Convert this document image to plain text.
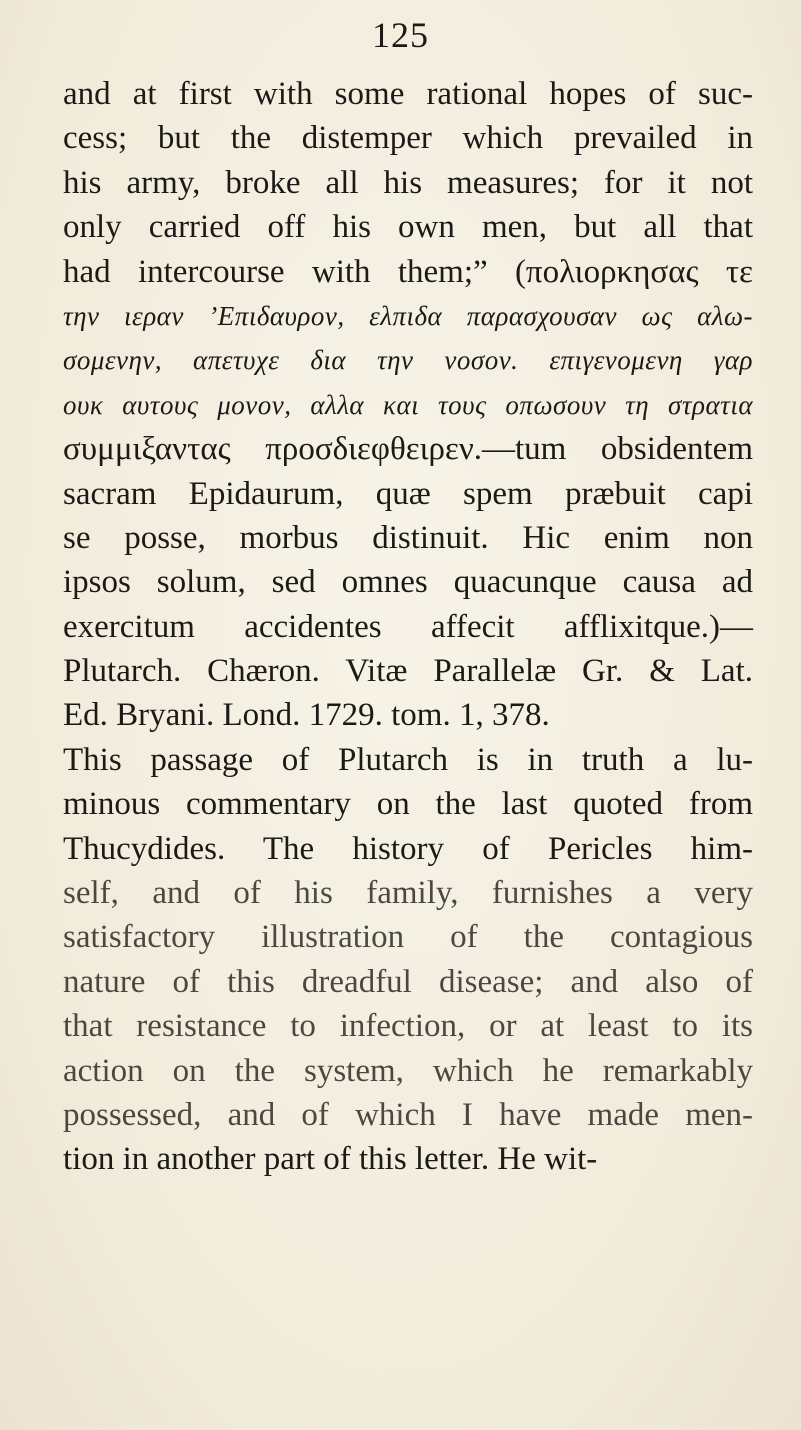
125
and at first with some rational hopes of suc-
cess; but the distemper which prevailed in
his army, broke all his measures; for it not
only carried off his own men, but all that
had intercourse with them;” (πολιορκησας τε
την ιεραν ’Επιδαυρον, ελπιδα παρασχουσαν ως αλω-
σομενην, απετυχε δια την νοσον. επιγενομενη γαρ
ουκ αυτους μονον, αλλα και τους οπωσουν τη στρατια
συμμιξαντας προσδιεφθειρεν.—tum obsidentem
sacram Epidaurum, quæ spem præbuit capi
se posse, morbus distinuit. Hic enim non
ipsos solum, sed omnes quacunque causa ad
exercitum accidentes affecit afflixitque.)—
Plutarch. Chæron. Vitæ Parallelæ Gr. & Lat.
Ed. Bryani. Lond. 1729. tom. 1, 378.
This passage of Plutarch is in truth a lu-
minous commentary on the last quoted from
Thucydides. The history of Pericles him-
self, and of his family, furnishes a very
satisfactory illustration of the contagious
nature of this dreadful disease; and also of
that resistance to infection, or at least to its
action on the system, which he remarkably
possessed, and of which I have made men-
tion in another part of this letter. He wit-
